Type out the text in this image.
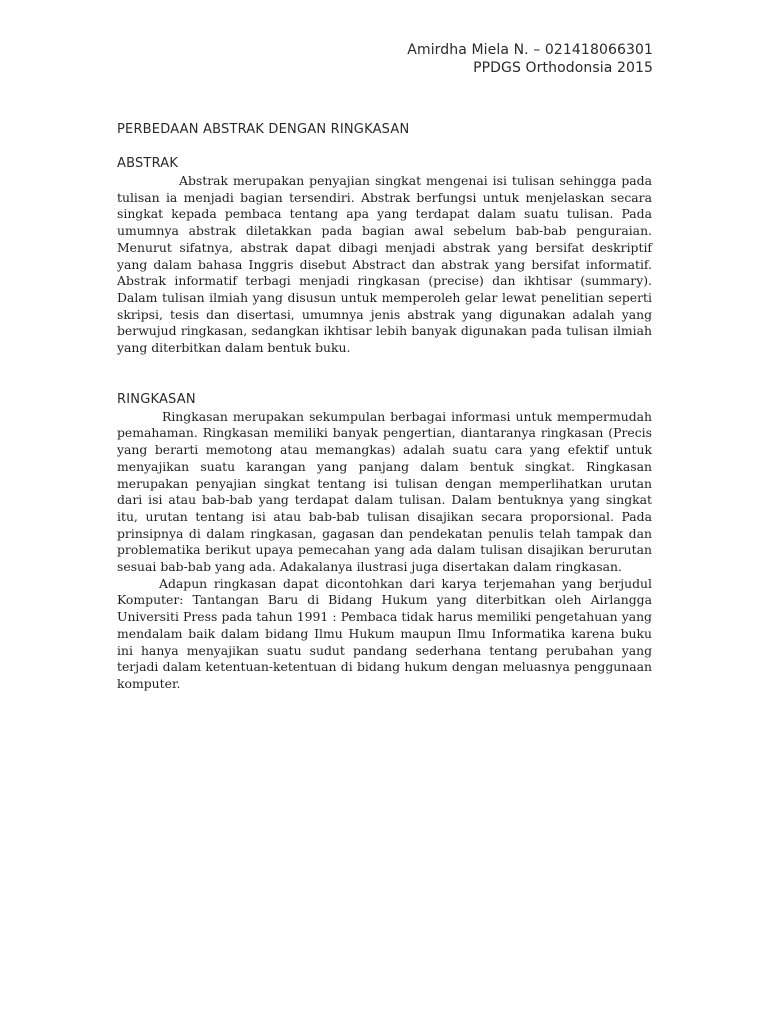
Amirdha Miela N. – 021418066301
PPDGS Orthodonsia 2015
PERBEDAAN ABSTRAK DENGAN RINGKASAN
ABSTRAK

Abstrak merupakan penyajian singkat mengenai isi tulisan sehingga pada tulisan ia menjadi bagian tersendiri. Abstrak berfungsi untuk menjelaskan secara singkat kepada pembaca tentang apa yang terdapat dalam suatu tulisan. Pada umumnya abstrak diletakkan pada bagian awal sebelum bab-bab penguraian. Menurut sifatnya, abstrak dapat dibagi menjadi abstrak yang bersifat deskriptif yang dalam bahasa Inggris disebut Abstract dan abstrak yang bersifat informatif. Abstrak informatif terbagi menjadi ringkasan (precise) dan ikhtisar (summary). Dalam tulisan ilmiah yang disusun untuk memperoleh gelar lewat penelitian seperti skripsi, tesis dan disertasi, umumnya jenis abstrak yang digunakan adalah yang berwujud ringkasan, sedangkan ikhtisar lebih banyak digunakan pada tulisan ilmiah yang diterbitkan dalam bentuk buku.

RINGKASAN

Ringkasan merupakan sekumpulan berbagai informasi untuk mempermudah pemahaman. Ringkasan memiliki banyak pengertian, diantaranya ringkasan (Precis yang berarti memotong atau memangkas) adalah suatu cara yang efektif untuk menyajikan suatu karangan yang panjang dalam bentuk singkat. Ringkasan merupakan penyajian singkat tentang isi tulisan dengan memperlihatkan urutan dari isi atau bab-bab yang terdapat dalam tulisan. Dalam bentuknya yang singkat itu, urutan tentang isi atau bab-bab tulisan disajikan secara proporsional. Pada prinsipnya di dalam ringkasan, gagasan dan pendekatan penulis telah tampak dan problematika berikut upaya pemecahan yang ada dalam tulisan disajikan berurutan sesuai bab-bab yang ada. Adakalanya ilustrasi juga disertakan dalam ringkasan.

Adapun ringkasan dapat dicontohkan dari karya terjemahan yang berjudul Komputer: Tantangan Baru di Bidang Hukum yang diterbitkan oleh Airlangga Universiti Press pada tahun 1991 : Pembaca tidak harus memiliki pengetahuan yang mendalam baik dalam bidang Ilmu Hukum maupun Ilmu Informatika karena buku ini hanya menyajikan suatu sudut pandang sederhana tentang perubahan yang terjadi dalam ketentuan-ketentuan di bidang hukum dengan meluasnya penggunaan komputer.
